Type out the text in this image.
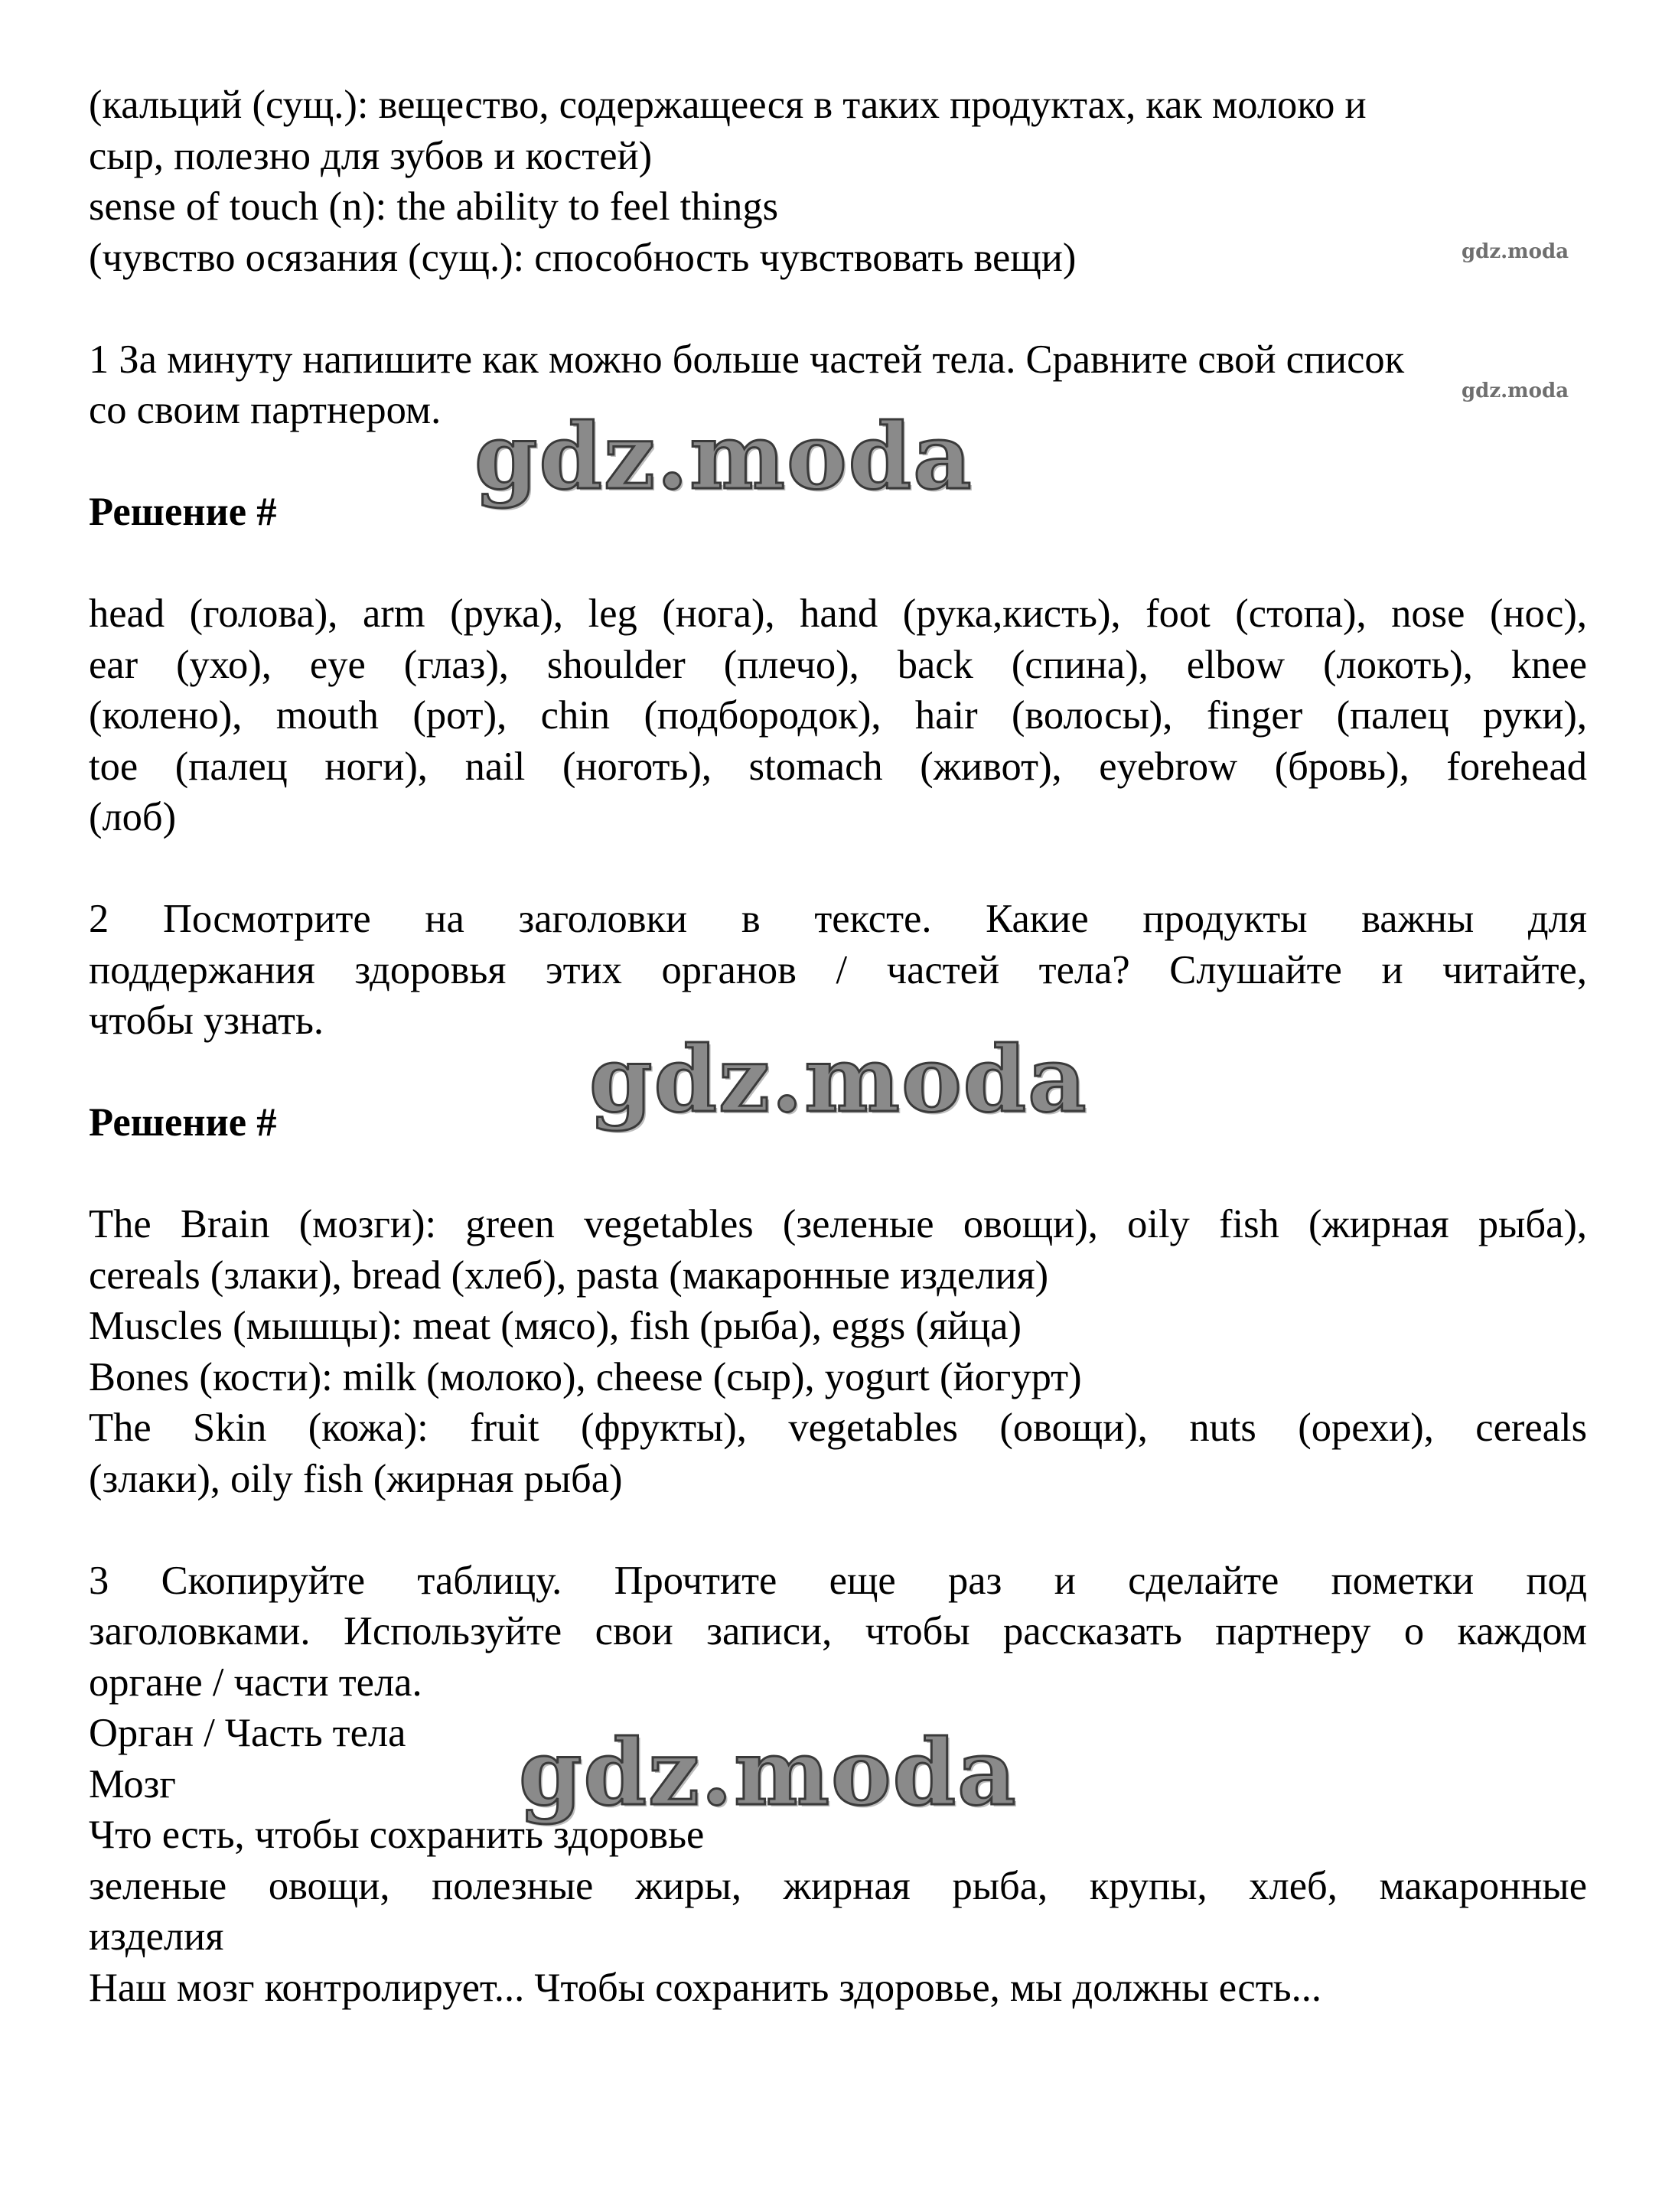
(кальций (сущ.): вещество, содержащееся в таких продуктах, как молоко и
сыр, полезно для зубов и костей)
sense of touch (n): the ability to feel things
(чувство осязания (сущ.): способность чувствовать вещи)

1 За минуту напишите как можно больше частей тела. Сравните свой список
со своим партнером.

Решение #

head (голова), arm (рука), leg (нога), hand (рука,кисть), foot (стопа), nose (нос),
ear (ухо), eye (глаз), shoulder (плечо), back (спина), elbow (локоть), knee
(колено), mouth (рот), chin (подбородок), hair (волосы), finger (палец руки),
toe (палец ноги), nail (ноготь), stomach (живот), eyebrow (бровь), forehead
(лоб)

2 Посмотрите на заголовки в тексте. Какие продукты важны для
поддержания здоровья этих органов / частей тела? Слушайте и читайте,
чтобы узнать.

Решение #

The Brain (мозги): green vegetables (зеленые овощи), oily fish (жирная рыба),
cereals (злаки), bread (хлеб), pasta (макаронные изделия)
Muscles (мышцы): meat (мясо), fish (рыба), eggs (яйца)
Bones (кости): milk (молоко), cheese (сыр), yogurt (йогурт)
The Skin (кожа): fruit (фрукты), vegetables (овощи), nuts (орехи), cereals
(злаки), oily fish (жирная рыба)

3 Скопируйте таблицу. Прочтите еще раз и сделайте пометки под
заголовками. Используйте свои записи, чтобы рассказать партнеру о каждом
органе / части тела.

Орган / Часть тела
Мозг
Что есть, чтобы сохранить здоровье
зеленые овощи, полезные жиры, жирная рыба, крупы, хлеб, макаронные
изделия
Наш мозг контролирует... Чтобы сохранить здоровье, мы должны есть...

gdz.moda
gdz.moda
gdz.moda
gdz.moda
gdz.moda
